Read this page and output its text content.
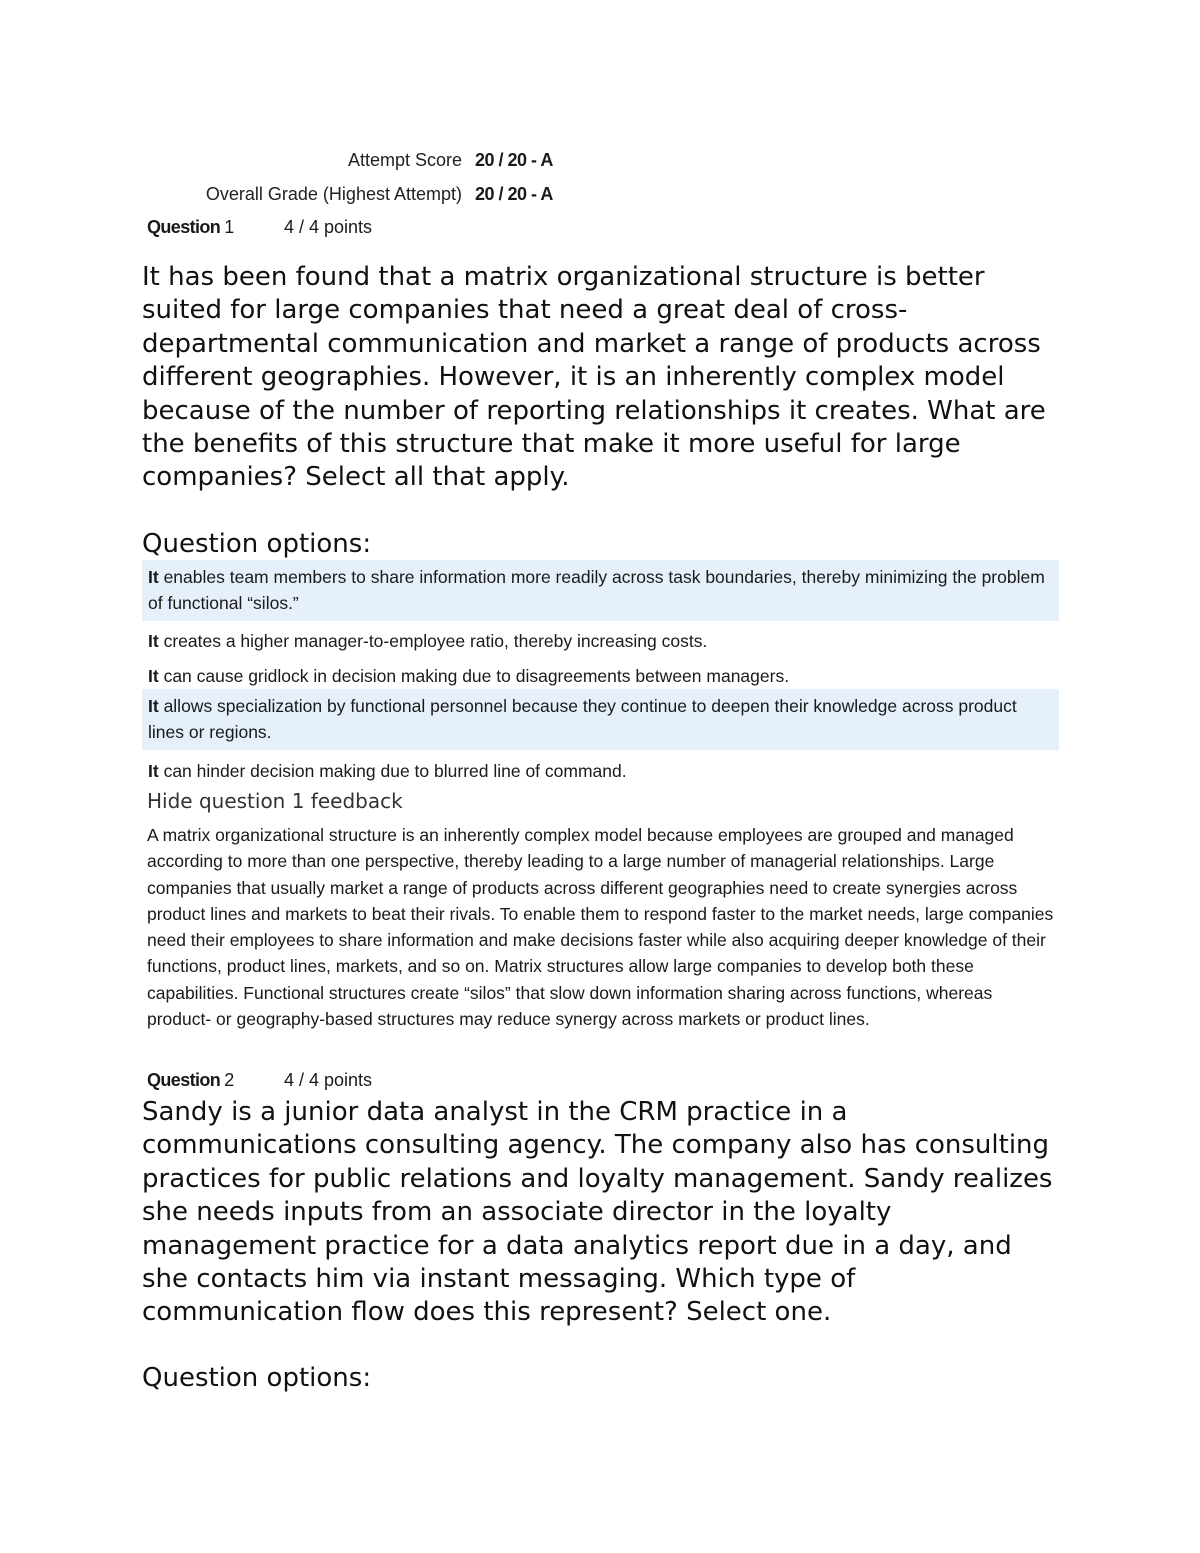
Attempt Score 20 / 20 - A
Overall Grade (Highest Attempt) 20 / 20 - A
Question 1	4 / 4 points
It has been found that a matrix organizational structure is better suited for large companies that need a great deal of cross-departmental communication and market a range of products across different geographies. However, it is an inherently complex model because of the number of reporting relationships it creates. What are the benefits of this structure that make it more useful for large companies? Select all that apply.
Question options:
It enables team members to share information more readily across task boundaries, thereby minimizing the problem of functional “silos.”
It creates a higher manager-to-employee ratio, thereby increasing costs.
It can cause gridlock in decision making due to disagreements between managers.
It allows specialization by functional personnel because they continue to deepen their knowledge across product lines or regions.
It can hinder decision making due to blurred line of command.
Hide question 1 feedback
A matrix organizational structure is an inherently complex model because employees are grouped and managed according to more than one perspective, thereby leading to a large number of managerial relationships. Large companies that usually market a range of products across different geographies need to create synergies across product lines and markets to beat their rivals. To enable them to respond faster to the market needs, large companies need their employees to share information and make decisions faster while also acquiring deeper knowledge of their functions, product lines, markets, and so on. Matrix structures allow large companies to develop both these capabilities. Functional structures create “silos” that slow down information sharing across functions, whereas product- or geography-based structures may reduce synergy across markets or product lines.
Question 2	4 / 4 points
Sandy is a junior data analyst in the CRM practice in a communications consulting agency. The company also has consulting practices for public relations and loyalty management. Sandy realizes she needs inputs from an associate director in the loyalty management practice for a data analytics report due in a day, and she contacts him via instant messaging. Which type of communication flow does this represent? Select one.
Question options:
